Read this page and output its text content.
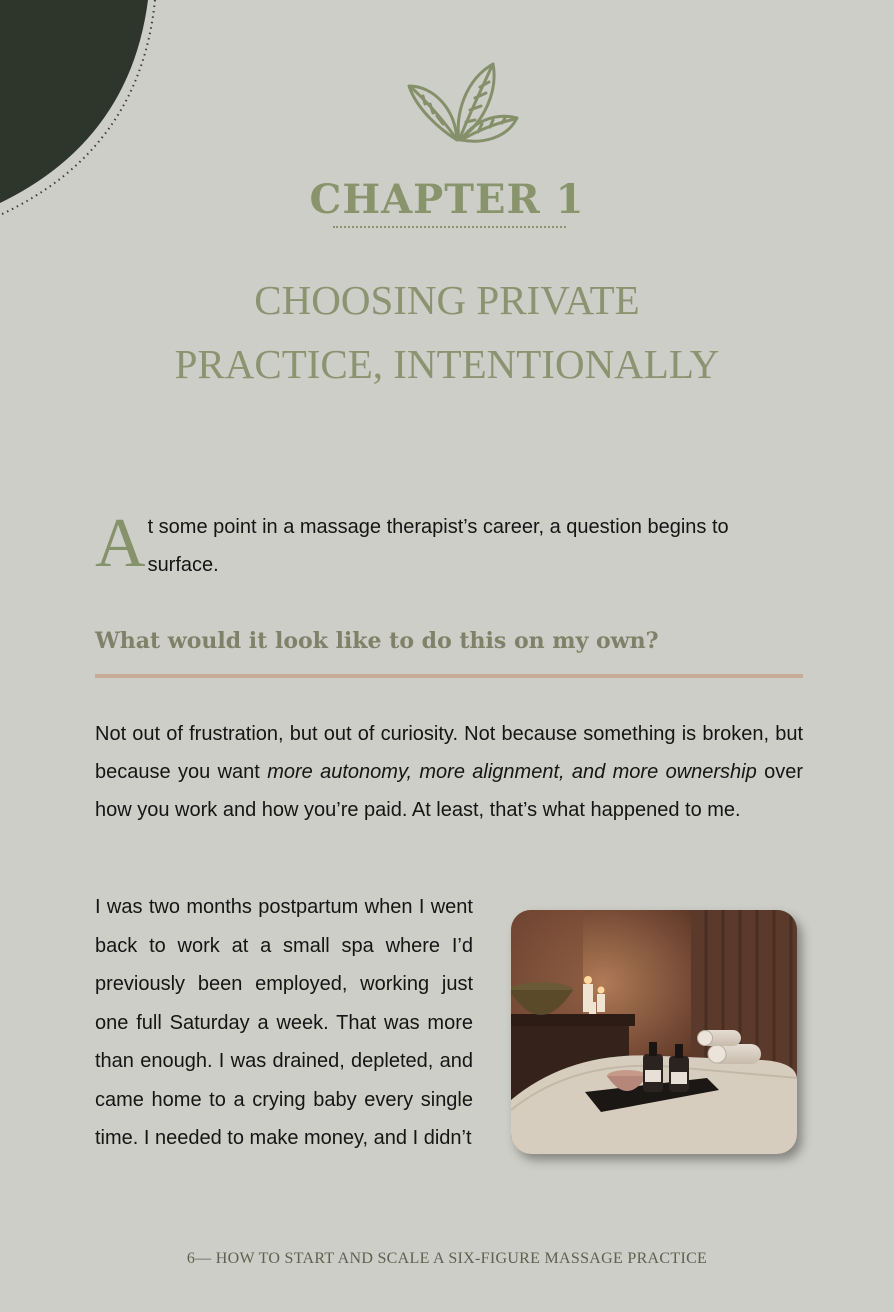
CHAPTER 1
CHOOSING PRIVATE
PRACTICE, INTENTIONALLY
A t some point in a massage therapist’s career, a question begins to surface.
What would it look like to do this on my own?
Not out of frustration, but out of curiosity. Not because something is broken, but because you want more autonomy, more alignment, and more ownership over how you work and how you’re paid. At least, that’s what happened to me.
I was two months postpartum when I went back to work at a small spa where I’d previously been employed, working just one full Saturday a week. That was more than enough. I was drained, depleted, and came home to a crying baby every single time. I needed to make money, and I didn’t
6— HOW TO START AND SCALE A SIX-FIGURE MASSAGE PRACTICE
